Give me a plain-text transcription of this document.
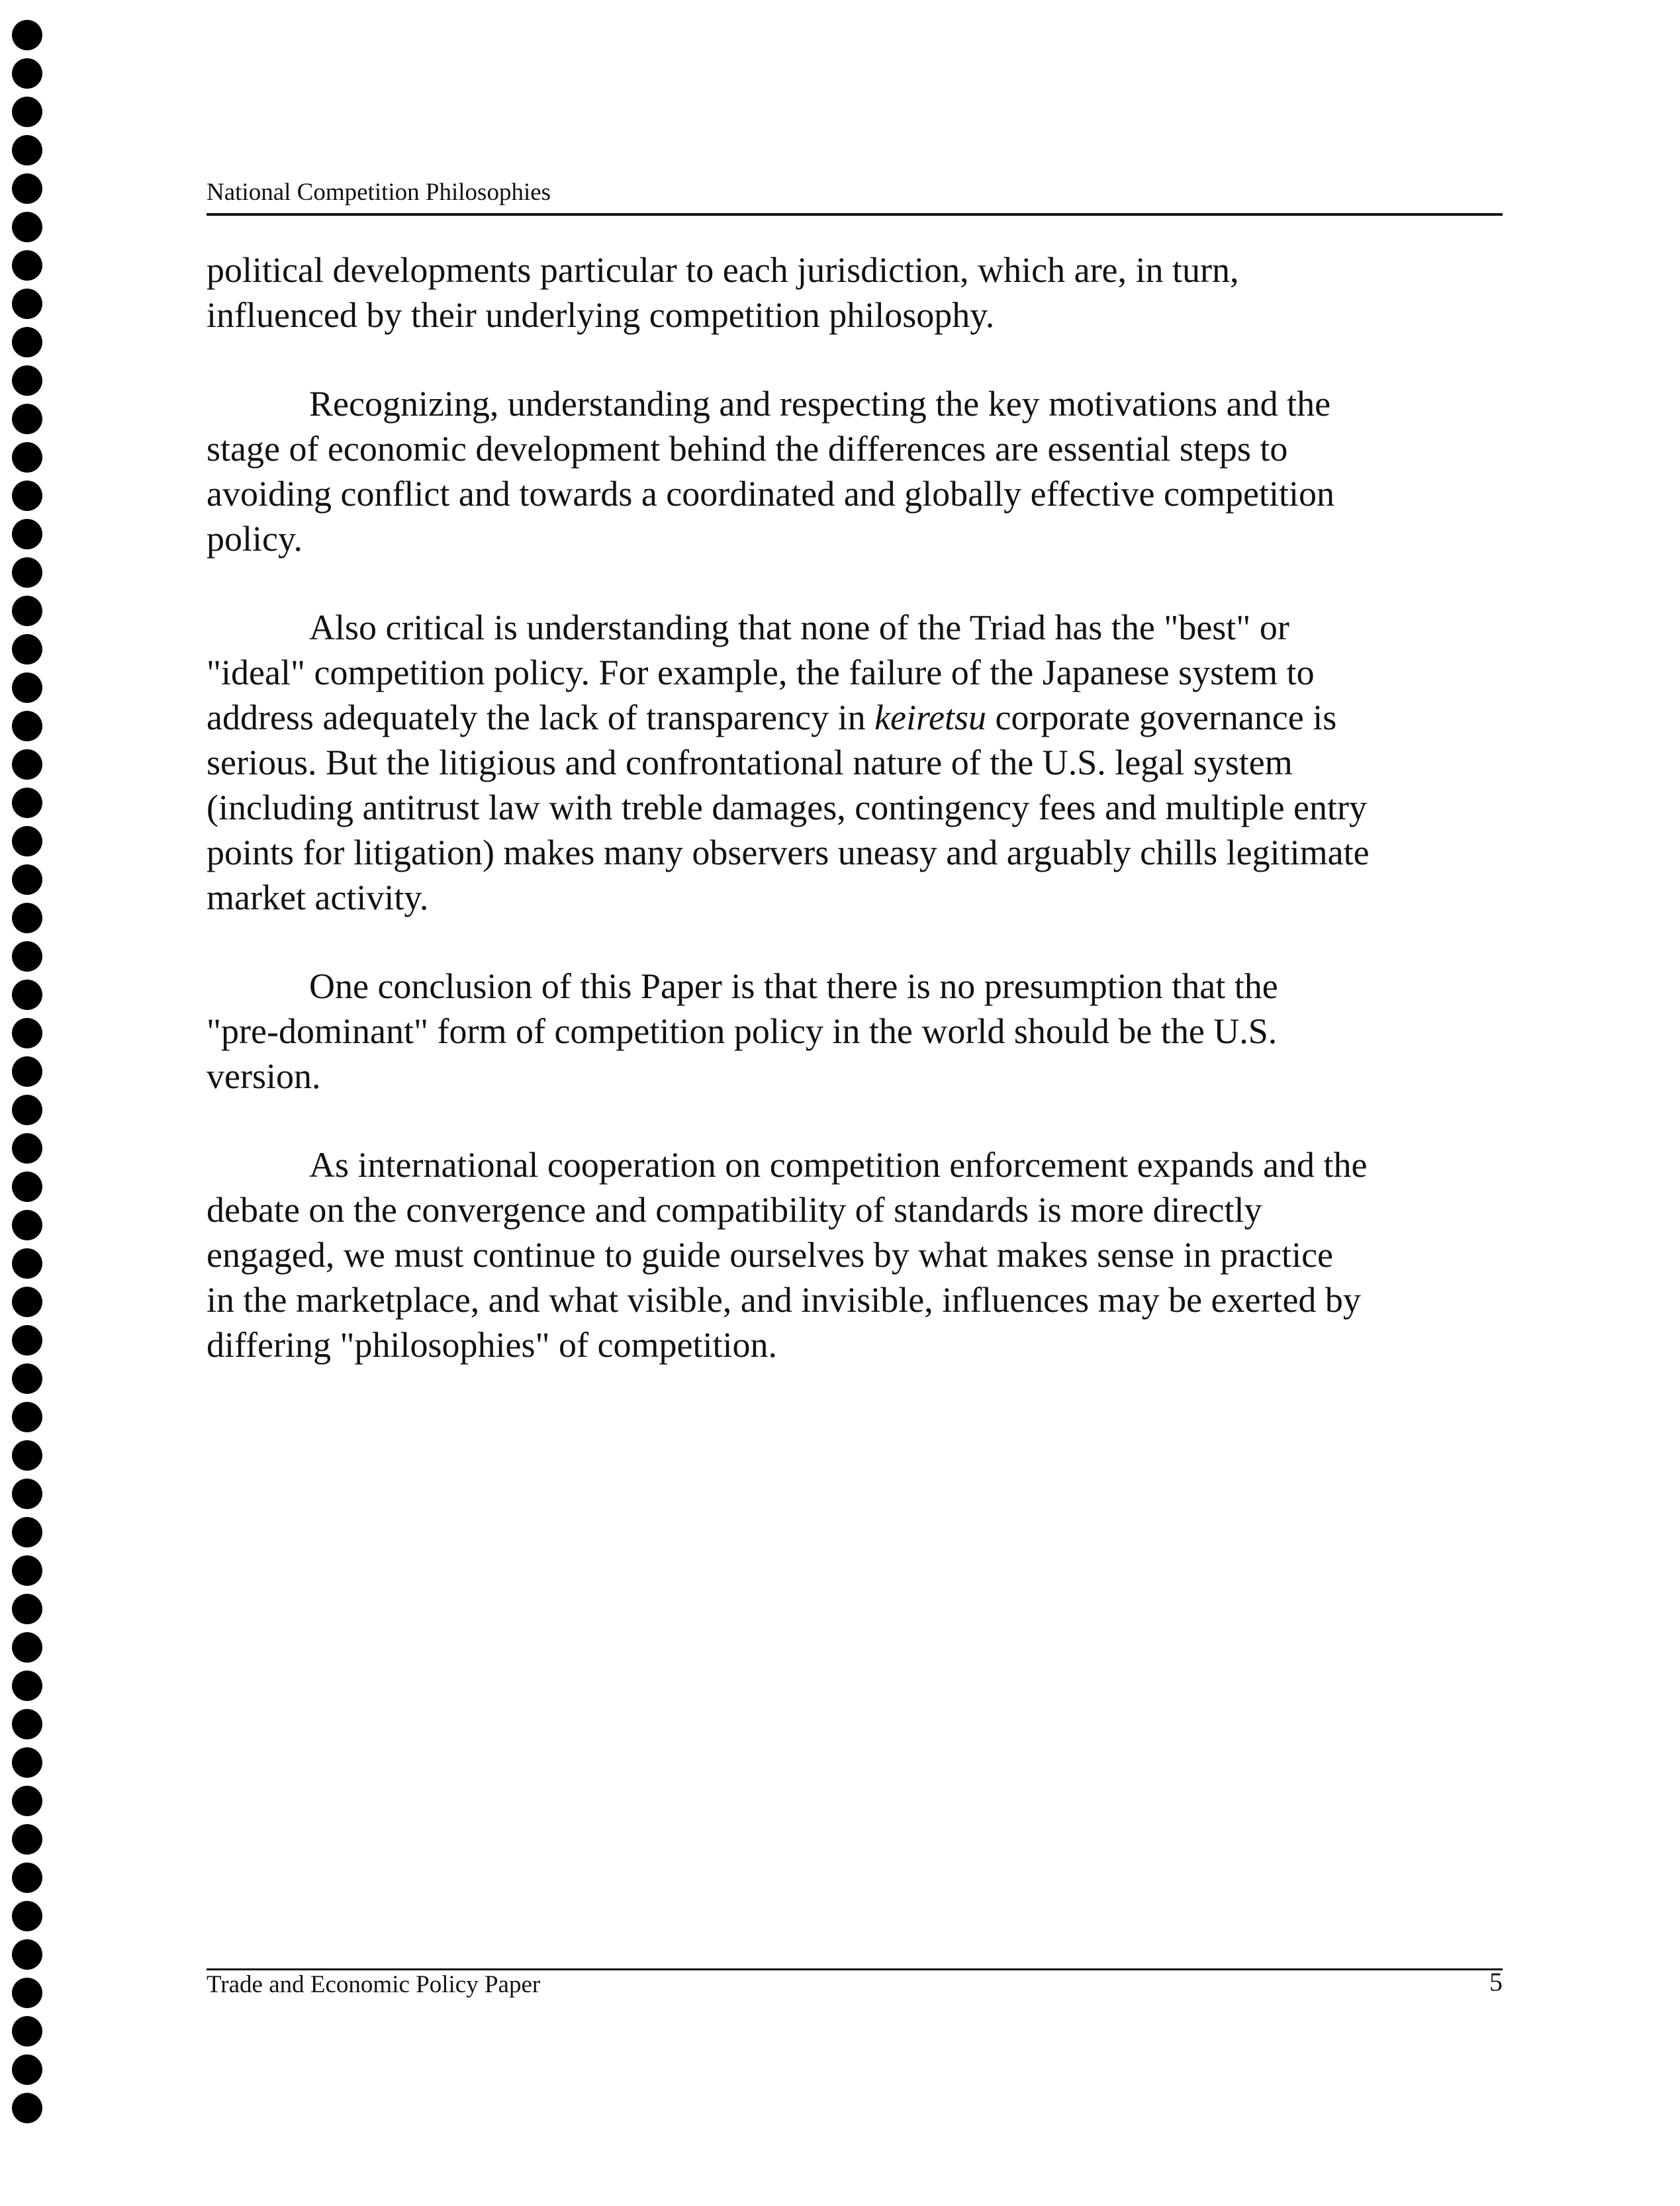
National Competition Philosophies

political developments particular to each jurisdiction, which are, in turn,
influenced by their underlying competition philosophy.

Recognizing, understanding and respecting the key motivations and the
stage of economic development behind the differences are essential steps to
avoiding conflict and towards a coordinated and globally effective competition
policy.

Also critical is understanding that none of the Triad has the "best" or
"ideal" competition policy. For example, the failure of the Japanese system to
address adequately the lack of transparency in keiretsu corporate governance is
serious. But the litigious and confrontational nature of the U.S. legal system
(including antitrust law with treble damages, contingency fees and multiple entry
points for litigation) makes many observers uneasy and arguably chills legitimate
market activity.

One conclusion of this Paper is that there is no presumption that the
"pre-dominant" form of competition policy in the world should be the U.S.
version.

As international cooperation on competition enforcement expands and the
debate on the convergence and compatibility of standards is more directly
engaged, we must continue to guide ourselves by what makes sense in practice
in the marketplace, and what visible, and invisible, influences may be exerted by
differing "philosophies" of competition.

Trade and Economic Policy Paper	5
